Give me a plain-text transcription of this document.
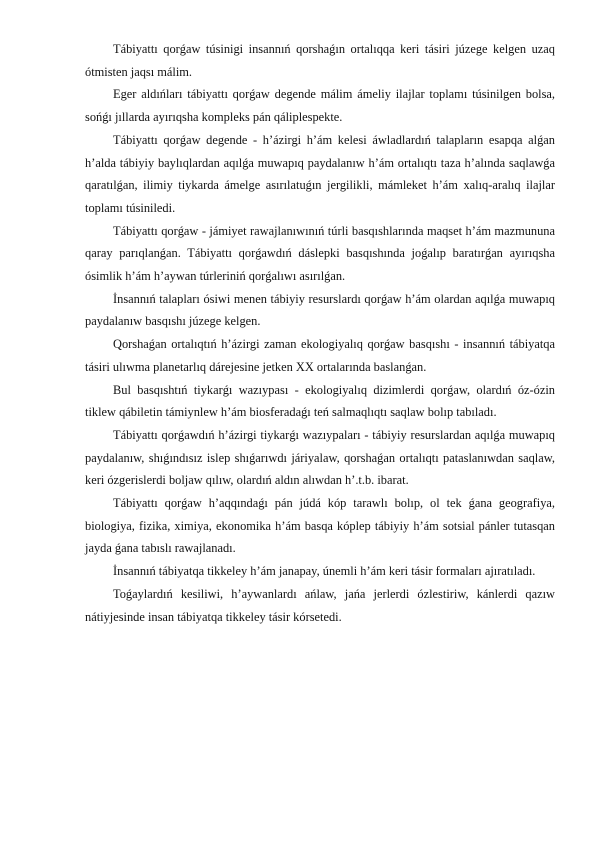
Tábiyattı qorǵaw túsinigi insannıń qorshaǵın ortalıqqa keri tásiri júzege kelgen uzaq ótmisten jaqsı málim.

Eger aldıńları tábiyattı qorǵaw degende málim ámeliy ilajlar toplamı túsinilgen bolsa, sońǵı jıllarda ayırıqsha kompleks pán qáliplespekte.

Tábiyattı qorǵaw degende - h’ázirgi h’ám kelesi áwladlardıń talapların esapqa alǵan h’alda tábiyiy baylıqlardan aqılǵa muwapıq paydalanıw h’ám ortalıqtı taza h’alında saqlawǵa qaratılǵan, ilimiy tiykarda ámelge asırılatuǵın jergilikli, mámleket h’ám xalıq-aralıq ilajlar toplamı túsiniledi.

Tábiyattı qorǵaw - jámiyet rawajlanıwınıń túrli basqıshlarında maqset h’ám mazmununa qaray parıqlanǵan. Tábiyattı qorǵawdıń dáslepki basqıshında joǵalıp baratırǵan ayırıqsha ósimlik h’ám h’aywan túrleriniń qorǵalıwı asırılǵan.

İnsannıń talapları ósiwi menen tábiyiy resurslardı qorǵaw h’ám olardan aqılǵa muwapıq paydalanıw basqıshı júzege kelgen.

Qorshaǵan ortalıqtıń h’ázirgi zaman ekologiyalıq qorǵaw basqıshı - insannıń tábiyatqa tásiri ulıwma planetarlıq dárejesine jetken XX ortalarında baslanǵan.

Bul basqıshtıń tiykarǵı wazıypası - ekologiyalıq dizimlerdi qorǵaw, olardıń óz-ózin tiklew qábiletin támiynlew h’ám biosferadaǵı teń salmaqlıqtı saqlaw bolıp tabıladı.

Tábiyattı qorǵawdıń h’ázirgi tiykarǵı wazıypaları - tábiyiy resurslardan aqılǵa muwapıq paydalanıw, shıǵındısız islep shıǵarıwdı járiyalaw, qorshaǵan ortalıqtı pataslanıwdan saqlaw, keri ózgerislerdi boljaw qılıw, olardıń aldın alıwdan h’.t.b. ibarat.

Tábiyattı qorǵaw h’aqqındaǵı pán júdá kóp tarawlı bolıp, ol tek ǵana geografiya, biologiya, fizika, ximiya, ekonomika h’ám basqa kóplep tábiyiy h’ám sotsial pánler tutasqan jayda ǵana tabıslı rawajlanadı.

İnsannıń tábiyatqa tikkeley h’ám janapay, únemli h’ám keri tásir formaları ajıratıladı.

Toǵaylardıń kesiliwi, h’aywanlardı ańlaw, jańa jerlerdi ózlestiriw, kánlerdi qazıw nátiyjesinde insan tábiyatqa tikkeley tásir kórsetedi.
